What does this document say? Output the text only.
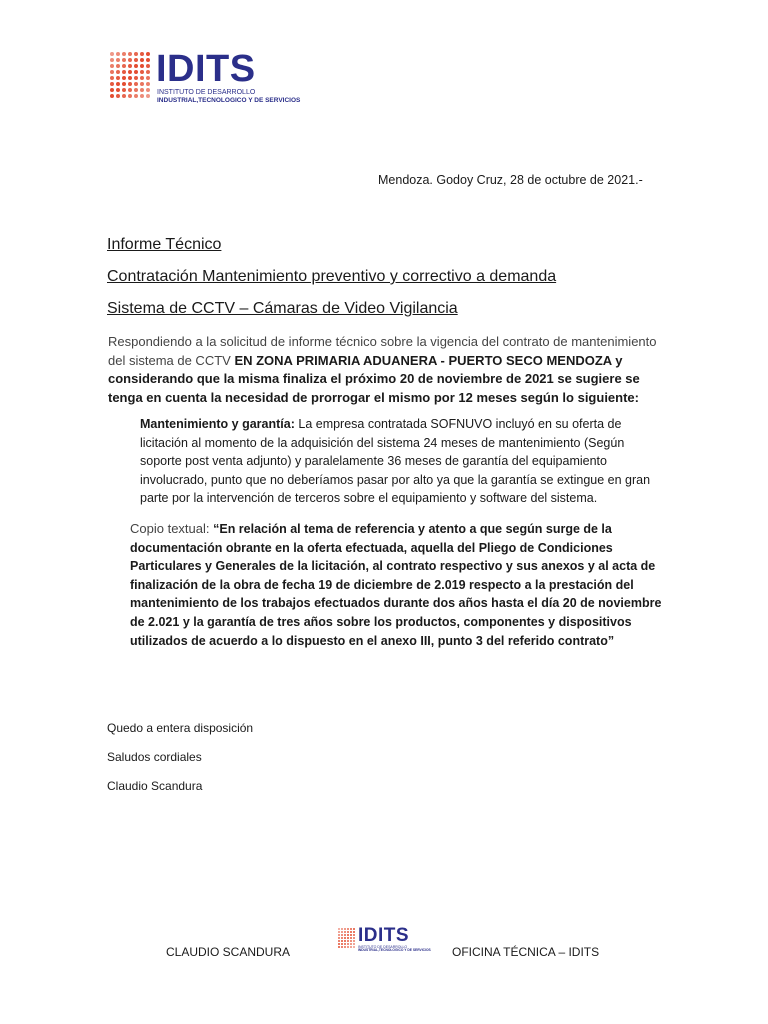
IDITS
INSTITUTO DE DESARROLLO
INDUSTRIAL,TECNOLOGICO Y DE SERVICIOS
Mendoza. Godoy Cruz, 28 de octubre de 2021.-
Informe Técnico
Contratación Mantenimiento preventivo y correctivo a demanda
Sistema de CCTV – Cámaras de Video Vigilancia
Respondiendo a la solicitud de informe técnico sobre la vigencia del contrato de mantenimiento del sistema de CCTV EN ZONA PRIMARIA ADUANERA - PUERTO SECO MENDOZA y considerando que la misma finaliza el próximo 20 de noviembre de 2021 se sugiere se tenga en cuenta la necesidad de prorrogar el mismo por 12 meses según lo siguiente:
Mantenimiento y garantía: La empresa contratada SOFNUVO incluyó en su oferta de licitación al momento de la adquisición del sistema 24 meses de mantenimiento (Según soporte post venta adjunto) y paralelamente 36 meses de garantía del equipamiento involucrado, punto que no deberíamos pasar por alto ya que la garantía se extingue en gran parte por la intervención de terceros sobre el equipamiento y software del sistema.
Copio textual: “En relación al tema de referencia y atento a que según surge de la documentación obrante en la oferta efectuada, aquella del Pliego de Condiciones Particulares y Generales de la licitación, al contrato respectivo y sus anexos y al acta de finalización de la obra de fecha 19 de diciembre de 2.019 respecto a la prestación del mantenimiento de los trabajos efectuados durante dos años hasta el día 20 de noviembre de 2.021 y la garantía de tres años sobre los productos, componentes y dispositivos utilizados de acuerdo a lo dispuesto en el anexo III, punto 3 del referido contrato”
Quedo a entera disposición
Saludos cordiales
Claudio Scandura
CLAUDIO SCANDURA
IDITS
INSTITUTO DE DESARROLLO
INDUSTRIAL,TECNOLOGICO Y DE SERVICIOS OFICINA TÉCNICA – IDITS
